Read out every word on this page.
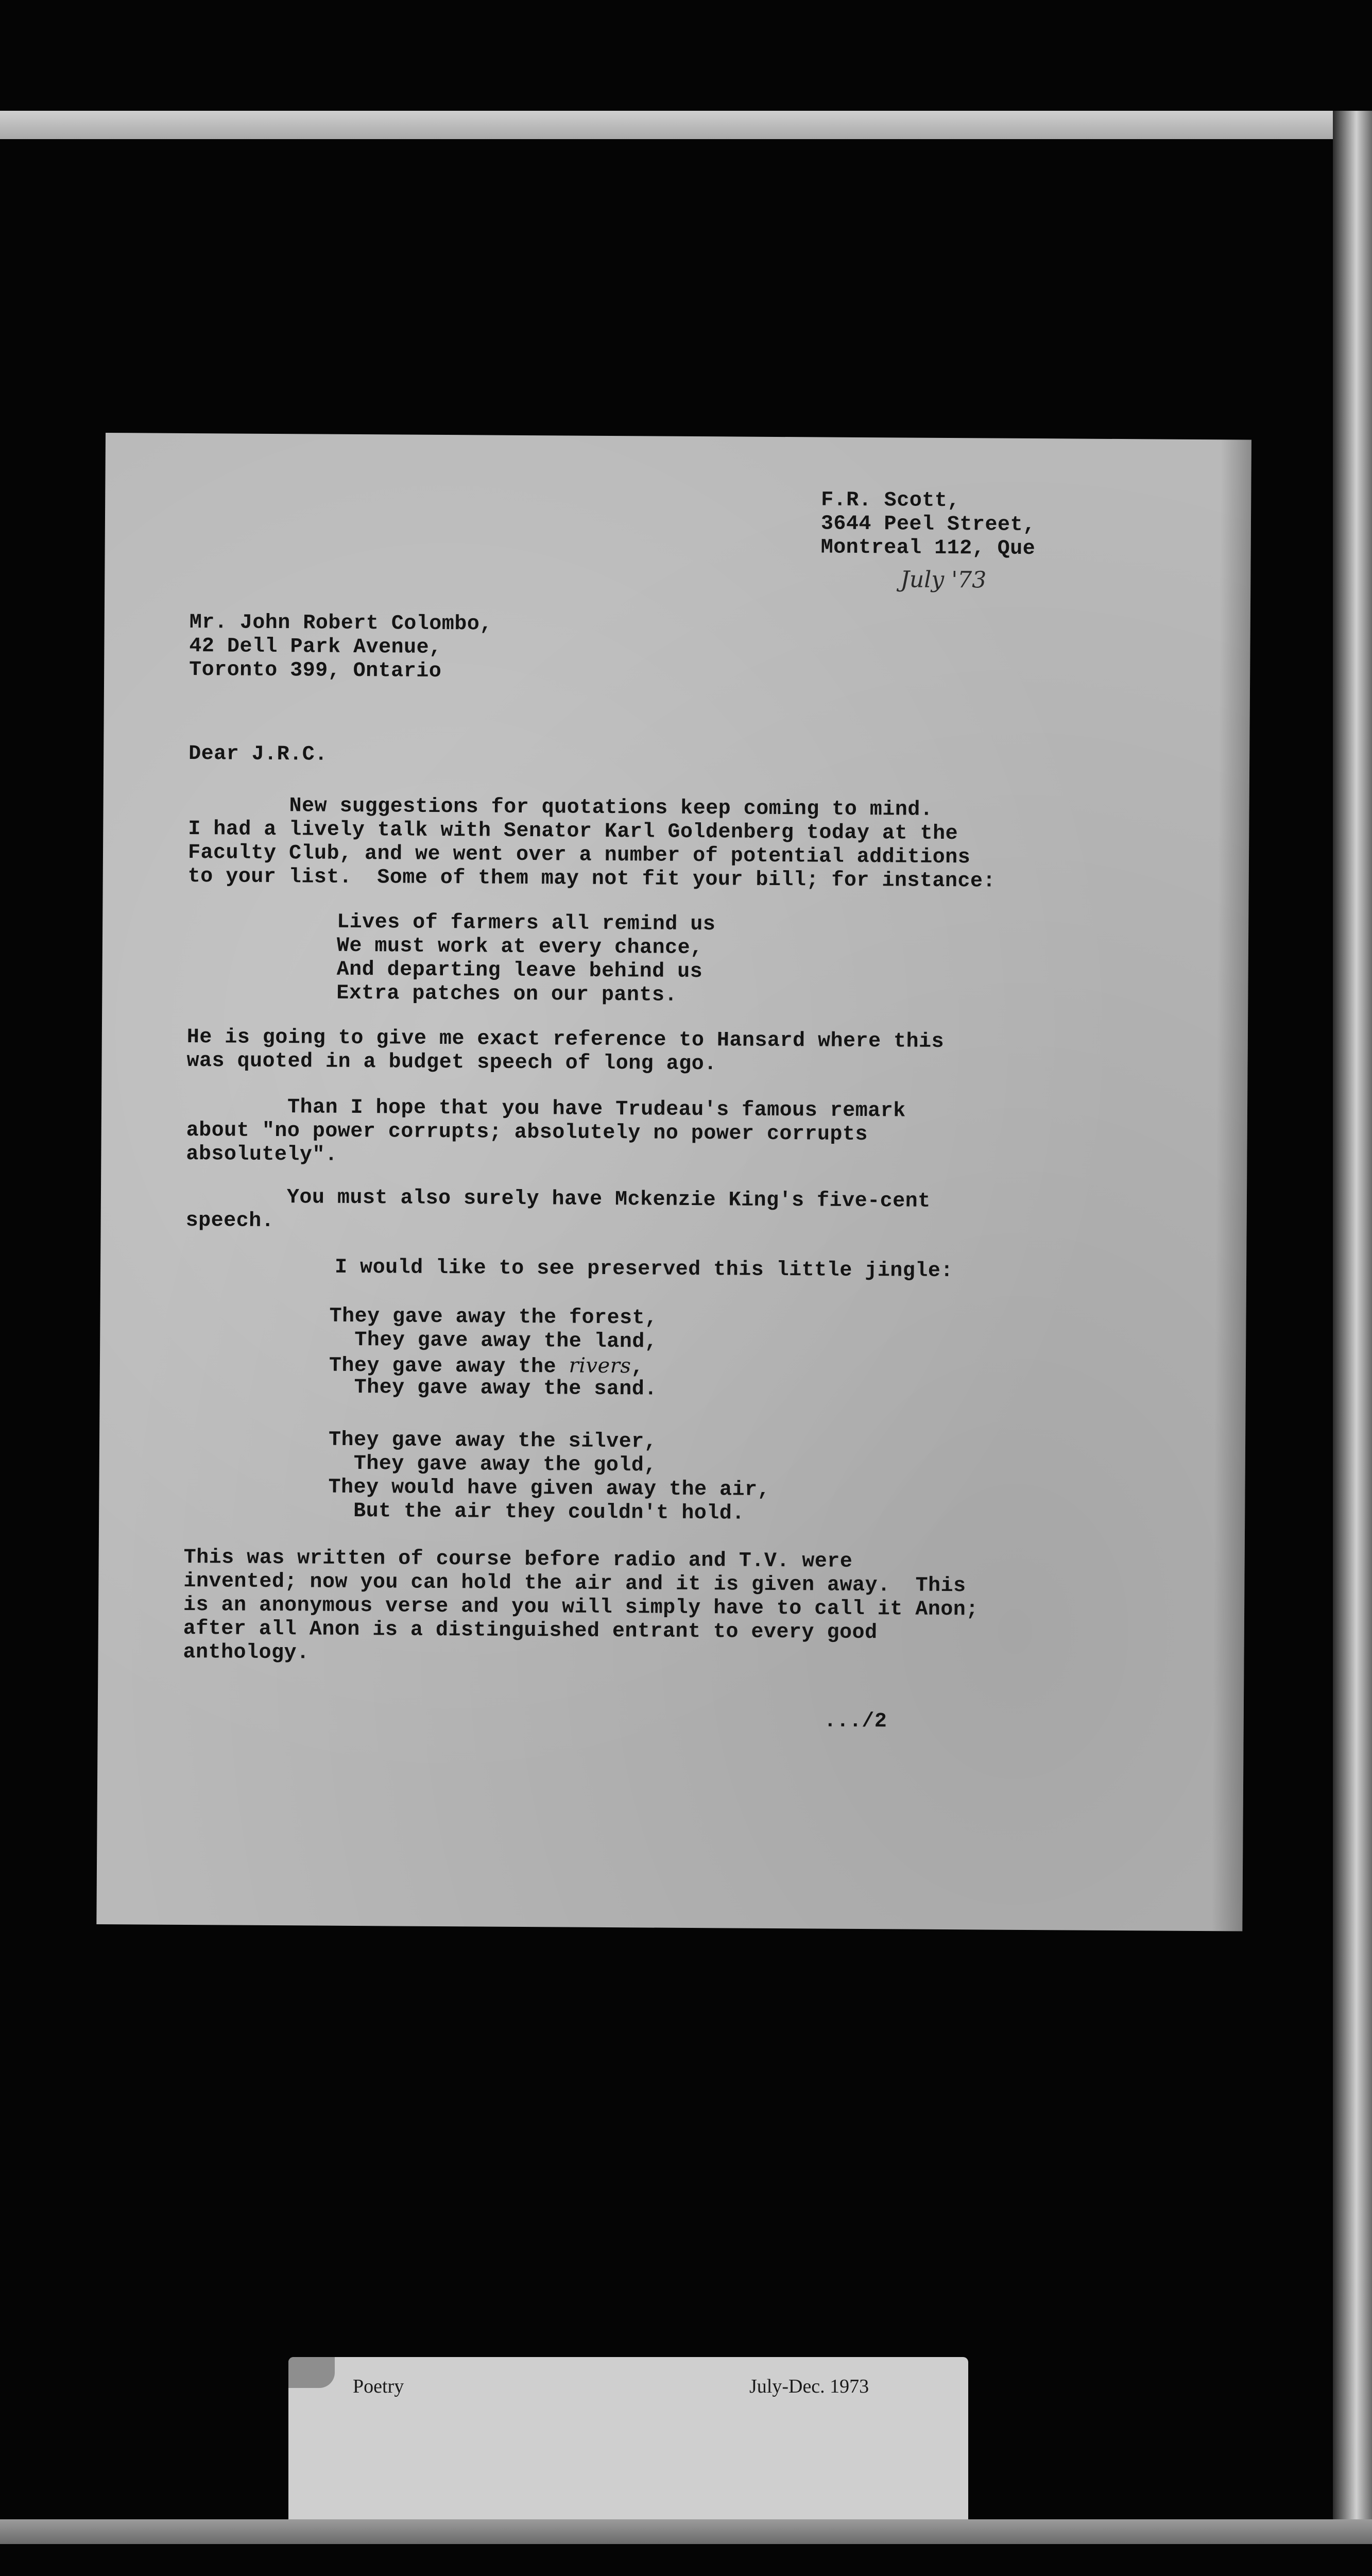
F.R. Scott,
3644 Peel Street,
Montreal 112, Que
July '73
Mr. John Robert Colombo,
42 Dell Park Avenue,
Toronto 399, Ontario
Dear J.R.C.
New suggestions for quotations keep coming to mind.
I had a lively talk with Senator Karl Goldenberg today at the
Faculty Club, and we went over a number of potential additions
to your list.  Some of them may not fit your bill; for instance:
Lives of farmers all remind us
We must work at every chance,
And departing leave behind us
Extra patches on our pants.
He is going to give me exact reference to Hansard where this
was quoted in a budget speech of long ago.
Than I hope that you have Trudeau's famous remark
about "no power corrupts; absolutely no power corrupts
absolutely".
You must also surely have Mckenzie King's five-cent
speech.
I would like to see preserved this little jingle:
They gave away the forest,
They gave away the land,
They gave away the rivers,
They gave away the sand.
They gave away the silver,
They gave away the gold,
They would have given away the air,
But the air they couldn't hold.
This was written of course before radio and T.V. were
invented; now you can hold the air and it is given away.  This
is an anonymous verse and you will simply have to call it Anon;
after all Anon is a distinguished entrant to every good
anthology.
.../2
Poetry	July-Dec. 1973
